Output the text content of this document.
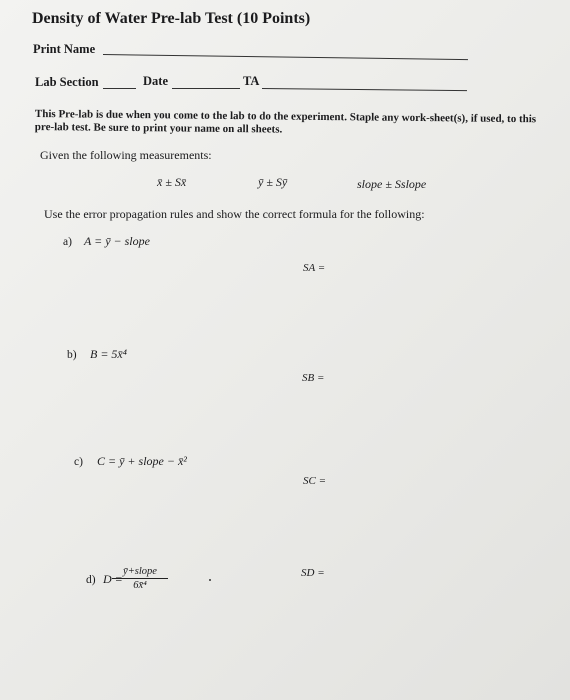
Density of Water Pre-lab Test (10 Points)
Print Name
Lab Section	Date	TA
This Pre-lab is due when you come to the lab to do the experiment. Staple any work-sheet(s), if used, to this pre-lab test. Be sure to print your name on all sheets.
Given the following measurements:
x̄ ± Sx̄	ȳ ± Sȳ	slope ± Sslope
Use the error propagation rules and show the correct formula for the following:
a) A = ȳ − slope
SA =
b) B = 5x̄⁴
SB =
c) C = ȳ + slope − x̄²
SC =
d) D =
ȳ+slope
6x̄⁴
SD =
